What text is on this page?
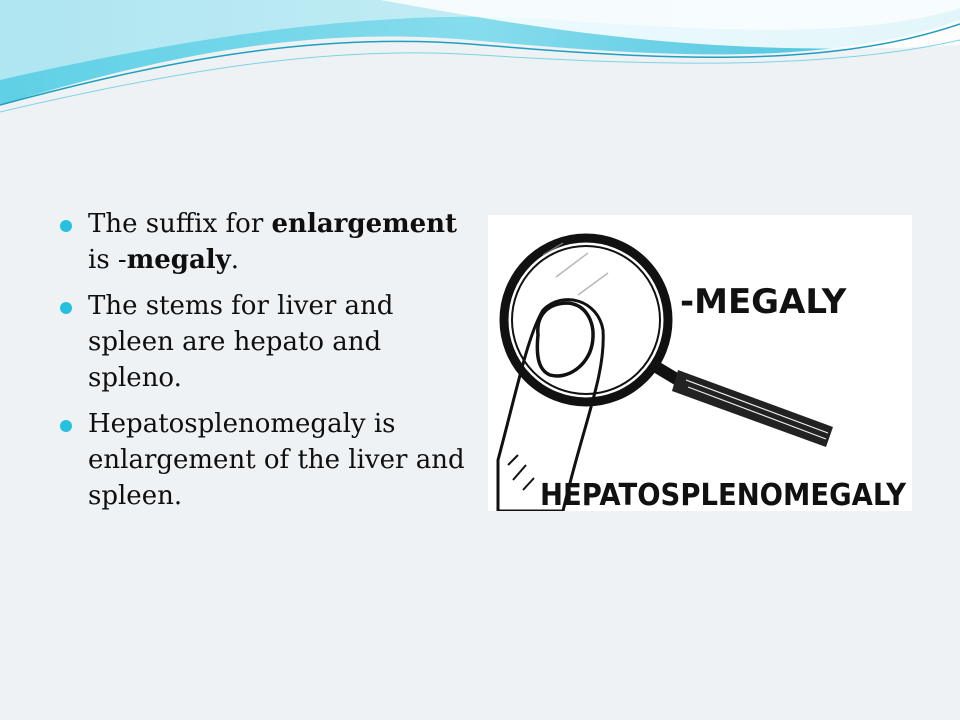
The suffix for enlargement is -megaly.
The stems for liver and spleen are hepato and spleno.
Hepatosplenomegaly is enlargement of the liver and spleen.
-MEGALY
HEPATOSPLENOMEGALY
